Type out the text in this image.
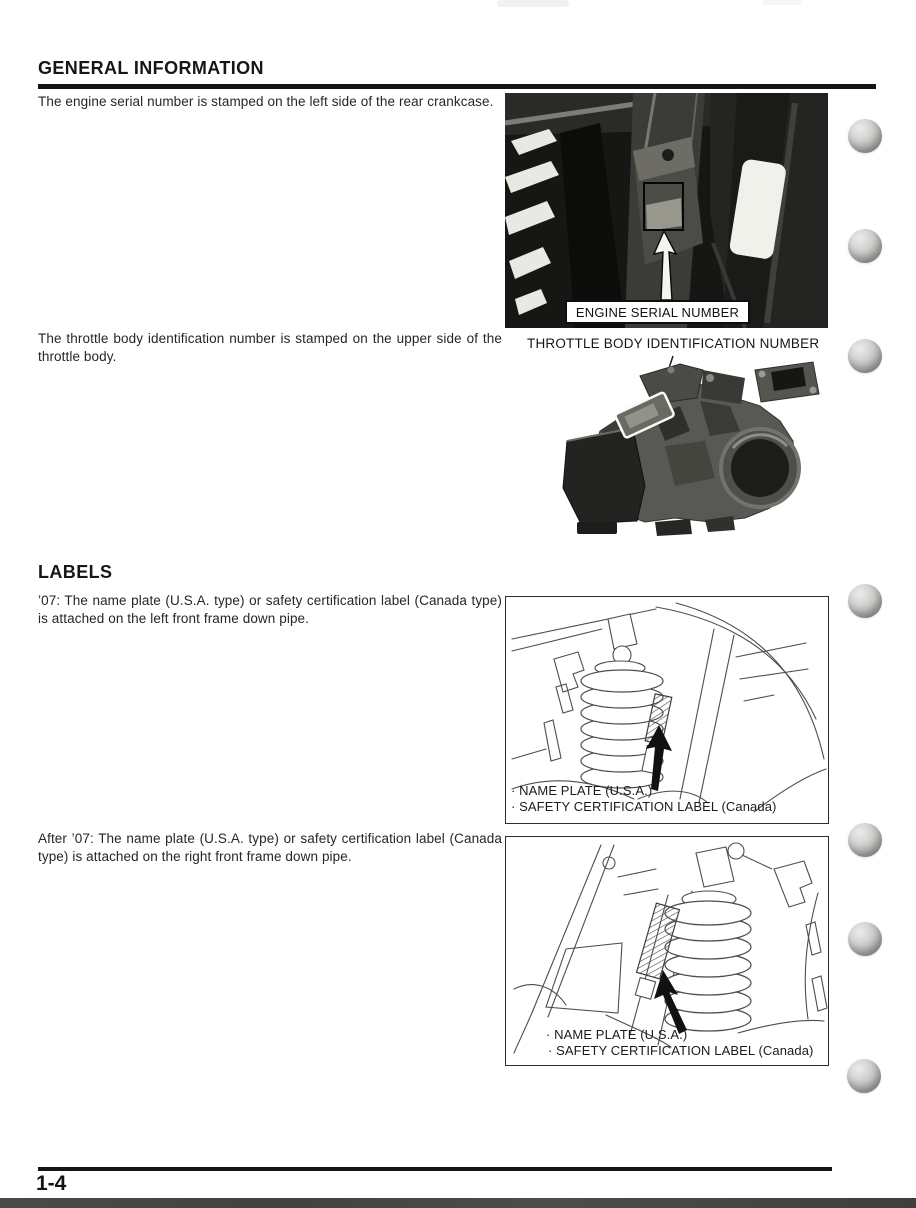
GENERAL INFORMATION
The engine serial number is stamped on the left side of the rear crankcase.
ENGINE SERIAL NUMBER
The throttle body identification number is stamped on the upper side of the throttle body.
THROTTLE BODY IDENTIFICATION NUMBER
LABELS
’07: The name plate (U.S.A. type) or safety certification label (Canada type) is attached on the left front frame down pipe.
· NAME PLATE (U.S.A.)
· SAFETY CERTIFICATION LABEL (Canada)
After ’07: The name plate (U.S.A. type) or safety certification label (Canada type) is attached on the right front frame down pipe.
· NAME PLATE (U.S.A.)
· SAFETY CERTIFICATION LABEL (Canada)
1-4
